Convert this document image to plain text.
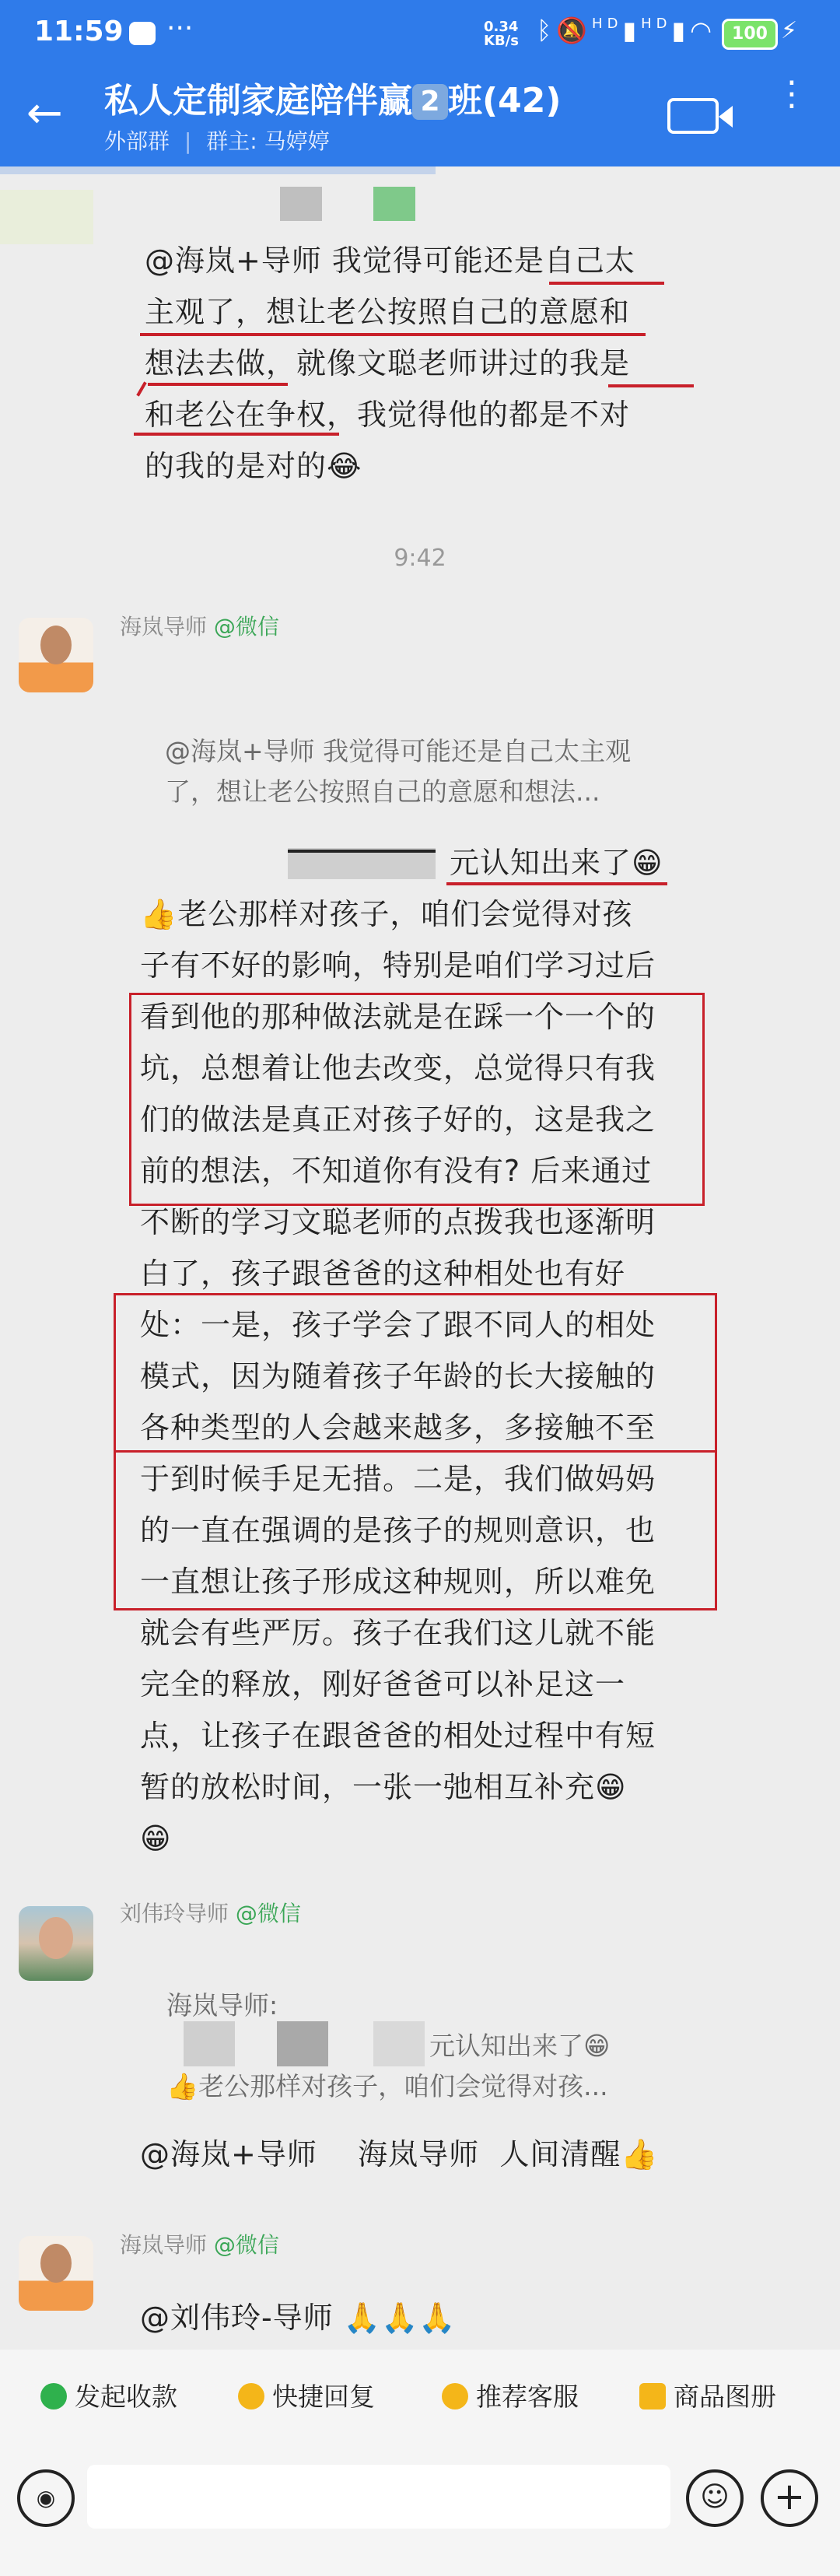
11:59 ···	0.34
KB/s ᛒ🔕$^{HD}$▮$^{HD}$▮◠ 100 ⚡
← 私人定制家庭陪伴赢 2 班(42)
外部群 | 群主: 马婷婷
⋮
@海岚+导师 我觉得可能还是自己太
主观了，想让老公按照自己的意愿和
想法去做，就像文聪老师讲过的我是
和老公在争权，我觉得他的都是不对
的我的是对的😂
9:42
海岚导师 @微信
@海岚+导师 我觉得可能还是自己太主观
了，想让老公按照自己的意愿和想法...
元认知出来了😁
👍老公那样对孩子，咱们会觉得对孩
子有不好的影响，特别是咱们学习过后
看到他的那种做法就是在踩一个一个的
坑，总想着让他去改变，总觉得只有我
们的做法是真正对孩子好的，这是我之
前的想法，不知道你有没有? 后来通过
不断的学习文聪老师的点拨我也逐渐明
白了，孩子跟爸爸的这种相处也有好
处：一是，孩子学会了跟不同人的相处
模式，因为随着孩子年龄的长大接触的
各种类型的人会越来越多，多接触不至
于到时候手足无措。二是，我们做妈妈
的一直在强调的是孩子的规则意识，也
一直想让孩子形成这种规则，所以难免
就会有些严厉。孩子在我们这儿就不能
完全的释放，刚好爸爸可以补足这一
点，让孩子在跟爸爸的相处过程中有短
暂的放松时间，一张一弛相互补充😁
😁
刘伟玲导师 @微信
海岚导师:
元认知出来了😁
👍老公那样对孩子，咱们会觉得对孩...
@海岚+导师    海岚导师  人间清醒👍
海岚导师 @微信
@刘伟玲-导师 🙏🙏🙏
发起收款	快捷回复	推荐客服	商品图册
◉	☺	+
